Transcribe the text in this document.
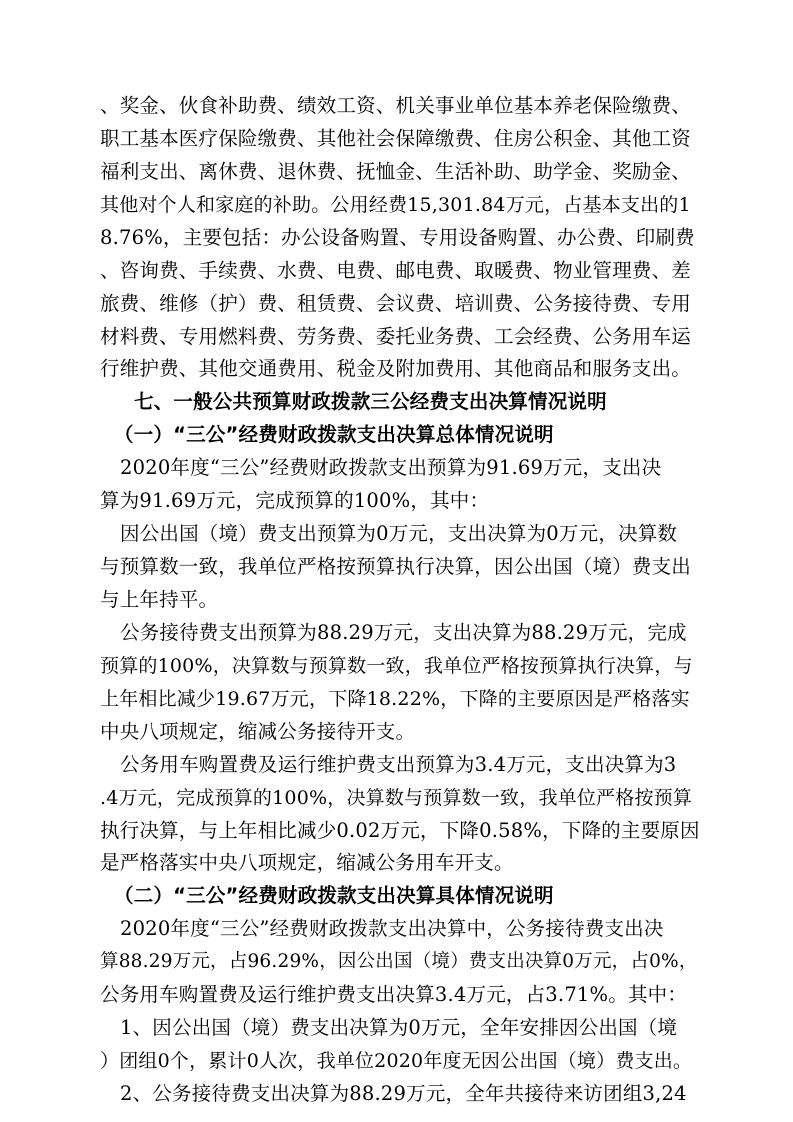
、奖金、伙食补助费、绩效工资、机关事业单位基本养老保险缴费、
职工基本医疗保险缴费、其他社会保障缴费、住房公积金、其他工资
福利支出、离休费、退休费、抚恤金、生活补助、助学金、奖励金、
其他对个人和家庭的补助。公用经费15,301.84万元，占基本支出的1
8.76%，主要包括：办公设备购置、专用设备购置、办公费、印刷费
、咨询费、手续费、水费、电费、邮电费、取暖费、物业管理费、差
旅费、维修（护）费、租赁费、会议费、培训费、公务接待费、专用
材料费、专用燃料费、劳务费、委托业务费、工会经费、公务用车运
行维护费、其他交通费用、税金及附加费用、其他商品和服务支出。
七、一般公共预算财政拨款三公经费支出决算情况说明
（一）“三公”经费财政拨款支出决算总体情况说明
2020年度“三公”经费财政拨款支出预算为91.69万元，支出决
算为91.69万元，完成预算的100%，其中：
因公出国（境）费支出预算为0万元，支出决算为0万元，决算数
与预算数一致，我单位严格按预算执行决算，因公出国（境）费支出
与上年持平。
公务接待费支出预算为88.29万元，支出决算为88.29万元，完成
预算的100%，决算数与预算数一致，我单位严格按预算执行决算，与
上年相比减少19.67万元，下降18.22%，下降的主要原因是严格落实
中央八项规定，缩减公务接待开支。
公务用车购置费及运行维护费支出预算为3.4万元，支出决算为3
.4万元，完成预算的100%，决算数与预算数一致，我单位严格按预算
执行决算，与上年相比减少0.02万元，下降0.58%，下降的主要原因
是严格落实中央八项规定，缩减公务用车开支。
（二）“三公”经费财政拨款支出决算具体情况说明
2020年度“三公”经费财政拨款支出决算中，公务接待费支出决
算88.29万元，占96.29%，因公出国（境）费支出决算0万元，占0%，
公务用车购置费及运行维护费支出决算3.4万元，占3.71%。其中：
1、因公出国（境）费支出决算为0万元，全年安排因公出国（境
）团组0个，累计0人次，我单位2020年度无因公出国（境）费支出。
2、公务接待费支出决算为88.29万元，全年共接待来访团组3,24
